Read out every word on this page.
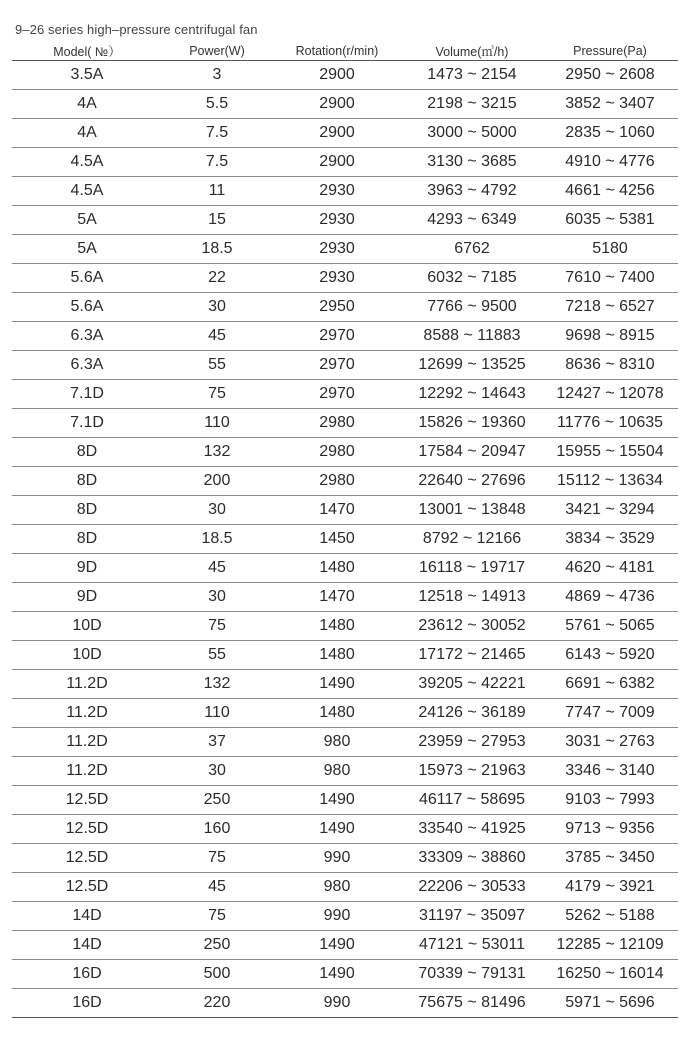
9–26 series high–pressure centrifugal fan
Model( №）	Power(W)	Rotation(r/min)	Volume(㎥/h)	Pressure(Pa)
3.5A	3	2900	1473 ~ 2154	2950 ~ 2608
4A	5.5	2900	2198 ~ 3215	3852 ~ 3407
4A	7.5	2900	3000 ~ 5000	2835 ~ 1060
4.5A	7.5	2900	3130 ~ 3685	4910 ~ 4776
4.5A	11	2930	3963 ~ 4792	4661 ~ 4256
5A	15	2930	4293 ~ 6349	6035 ~ 5381
5A	18.5	2930	6762	5180
5.6A	22	2930	6032 ~ 7185	7610 ~ 7400
5.6A	30	2950	7766 ~ 9500	7218 ~ 6527
6.3A	45	2970	8588 ~ 11883	9698 ~ 8915
6.3A	55	2970	12699 ~ 13525	8636 ~ 8310
7.1D	75	2970	12292 ~ 14643	12427 ~ 12078
7.1D	110	2980	15826 ~ 19360	11776 ~ 10635
8D	132	2980	17584 ~ 20947	15955 ~ 15504
8D	200	2980	22640 ~ 27696	15112 ~ 13634
8D	30	1470	13001 ~ 13848	3421 ~ 3294
8D	18.5	1450	8792 ~ 12166	3834 ~ 3529
9D	45	1480	16118 ~ 19717	4620 ~ 4181
9D	30	1470	12518 ~ 14913	4869 ~ 4736
10D	75	1480	23612 ~ 30052	5761 ~ 5065
10D	55	1480	17172 ~ 21465	6143 ~ 5920
11.2D	132	1490	39205 ~ 42221	6691 ~ 6382
11.2D	110	1480	24126 ~ 36189	7747 ~ 7009
11.2D	37	980	23959 ~ 27953	3031 ~ 2763
11.2D	30	980	15973 ~ 21963	3346 ~ 3140
12.5D	250	1490	46117 ~ 58695	9103 ~ 7993
12.5D	160	1490	33540 ~ 41925	9713 ~ 9356
12.5D	75	990	33309 ~ 38860	3785 ~ 3450
12.5D	45	980	22206 ~ 30533	4179 ~ 3921
14D	75	990	31197 ~ 35097	5262 ~ 5188
14D	250	1490	47121 ~ 53011	12285 ~ 12109
16D	500	1490	70339 ~ 79131	16250 ~ 16014
16D	220	990	75675 ~ 81496	5971 ~ 5696
